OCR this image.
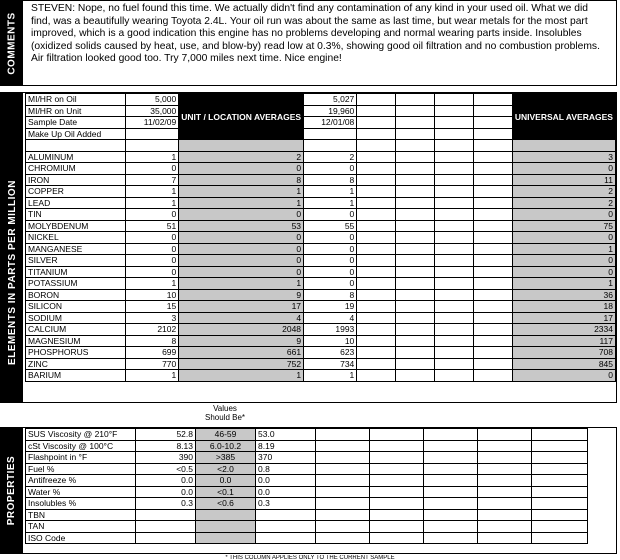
COMMENTS
STEVEN: Nope, no fuel found this time. We actually didn't find any contamination of any kind in your used oil. What we did find, was a beautifully wearing Toyota 2.4L. Your oil run was about the same as last time, but wear metals for the most part improved, which is a good indication this engine has no problems developing and normal wearing parts inside. Insolubles (oxidized solids caused by heat, use, and blow-by) read low at 0.3%, showing good oil filtration and no combustion problems. Air filtration looked good too. Try 7,000 miles next time. Nice engine!
ELEMENTS IN PARTS PER MILLION
MI/HR on Oil	5,000	UNIT / LOCATION AVERAGES	5,027					UNIVERSAL AVERAGES
MI/HR on Unit	35,000		19,960					
Sample Date	11/02/09		12/01/08					
Make Up Oil Added								

ALUMINUM	1	2	2					3
CHROMIUM	0	0	0					0
IRON	7	8	8					11
COPPER	1	1	1					2
LEAD	1	1	1					2
TIN	0	0	0					0
MOLYBDENUM	51	53	55					75
NICKEL	0	0	0					0
MANGANESE	0	0	0					1
SILVER	0	0	0					0
TITANIUM	0	0	0					0
POTASSIUM	1	1	0					1
BORON	10	9	8					36
SILICON	15	17	19					18
SODIUM	3	4	4					17
CALCIUM	2102	2048	1993					2334
MAGNESIUM	8	9	10					117
PHOSPHORUS	699	661	623					708
ZINC	770	752	734					845
BARIUM	1	1	1					0
Values Should Be*
PROPERTIES
SUS Viscosity @ 210°F	52.8	46-59	53.0					
cSt Viscosity @ 100°C	8.13	6.0-10.2	8.19					
Flashpoint in °F	390	>385	370					
Fuel %	<0.5	<2.0	0.8					
Antifreeze %	0.0	0.0	0.0					
Water %	0.0	<0.1	0.0					
Insolubles %	0.3	<0.6	0.3					
TBN								
TAN								
ISO Code								
* THIS COLUMN APPLIES ONLY TO THE CURRENT SAMPLE
